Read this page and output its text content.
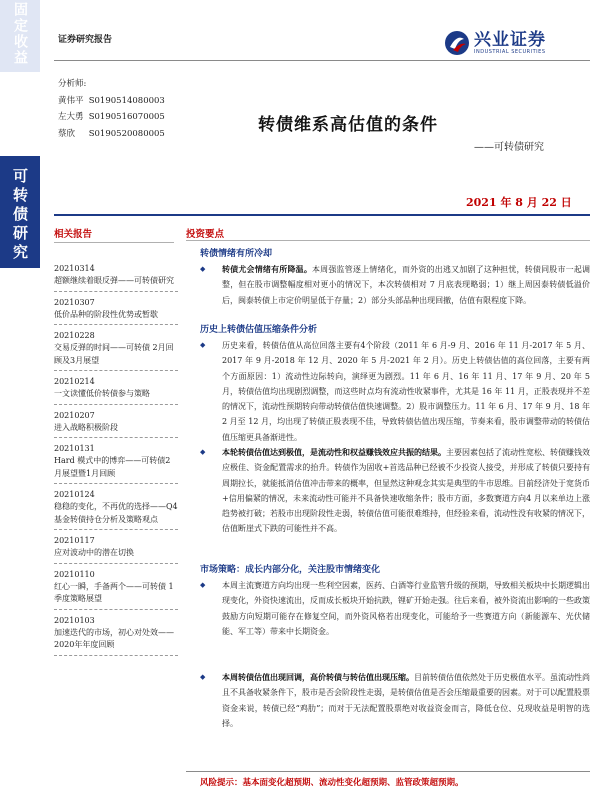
固定收益
可转债研究
证券研究报告	兴业证券
INDUSTRIAL SECURITIES
分析师:
黄伟平 S0190514080003
左大勇 S0190516070005
蔡欣 S0190520080005	转债维系高估值的条件
——可转债研究
2021 年 8 月 22 日
相关报告
20210314
超额继续着眼反弹——可转债研究
20210307
低价品种的阶段性优势或暂歇
20210228
交易反弹的时间——可转债 2月回顾及3月展望
20210214
一文读懂低价转债参与策略
20210207
进入战略积极阶段
20210131
Hard 模式中的博弈——可转债2月展望暨1月回顾
20210124
稳稳的变化，不再优的选择——Q4 基金转债持仓分析及策略观点
20210117
应对波动中的潜在切换
20210110
红心一瞬，手备两个——可转债 1季度策略展望
20210103
加速迭代的市场，初心对处效——2020年年度回顾
投资要点
转债情绪有所冷却
◆ 转债尤会情绪有所降温。本周强监管逐上情绪化，而外资的出逃又加剧了这种担忧，转债同股市一起调整，但在股市调整幅度相对更小的情况下，本次转债相对 7 月底表现略弱；1）继上周因泰转债低溢价后，闽泰转债上市定价明显低于存量；2）部分头部品种出现回撤，估值有限程度下降。
历史上转债估值压缩条件分析
◆ 历史来看，转债估值从高位回落主要有4个阶段（2011 年 6 月-9 月、2016 年 11 月-2017 年 5 月、2017 年 9 月-2018 年 12 月、2020 年 5 月-2021 年 2 月）。历史上转债估值的高位回落，主要有两个方面原因：1）流动性边际转向，演绎更为剧烈。11 年 6 月、16 年 11 月、17 年 9 月、20 年 5 月，转债估值均出现剧烈调整，而这些时点均有流动性收紧事件，尤其是 16 年 11 月，正股表现并不差的情况下，流动性预期转向带动转债估值快速调整。2）股市调整压力。11 年 6 月、17 年 9 月、18 年 2 月至 12 月，均出现了转债正股表现不佳，导致转债估值出现压缩，节奏来看，股市调整带动的转债估值压缩更具备渐进性。
◆ 本轮转债估值达到极值，是流动性和权益赚钱效应共振的结果。主要因素包括了流动性宽松、转债赚钱效应极佳、资金配置需求的抬升。转债作为固收+首选品种已经被不少投资人接受，并形成了转债只要持有周期拉长，就能抵消估值冲击带来的概率，但显然这种观念其实是典型的牛市思维。目前经济处于宽货币+信用偏紧的情况，未来流动性可能并不具备快速收缩条件；股市方面，多数赛道方向4 月以来单边上涨趋势被打破；若股市出现阶段性走弱，转债估值可能很难维持，但经验来看，流动性没有收紧的情况下，估值断崖式下跌的可能性并不高。
市场策略：成长内部分化，关注股市情绪变化
◆ 本周主流赛道方向均出现一些利空因素，医药、白酒等行业监管升级的预期，导致相关板块中长期逻辑出现变化，外资快速流出，反而成长板块开始抗跌，锂矿开始走强。往后来看，被外资流出影响的一些政策鼓励方向短期可能存在修复空间，而外资风格若出现变化，可能给予一些赛道方向（新能源车、光伏储能、军工等）带来中长期资金。
◆ 本周转债估值出现回调，高价转债与转估值出现压缩。目前转债估值依然处于历史极值水平。虽流动性尚且不具备收紧条件下，股市是否会阶段性走弱，是转债估值是否会压缩最重要的因素。对于可以配置股票资金来说，转债已经“鸡肋”；而对于无法配置股票绝对收益资金而言，降低仓位、兑现收益是明智的选择。
风险提示：基本面变化超预期、流动性变化超预期、监管政策超预期。
